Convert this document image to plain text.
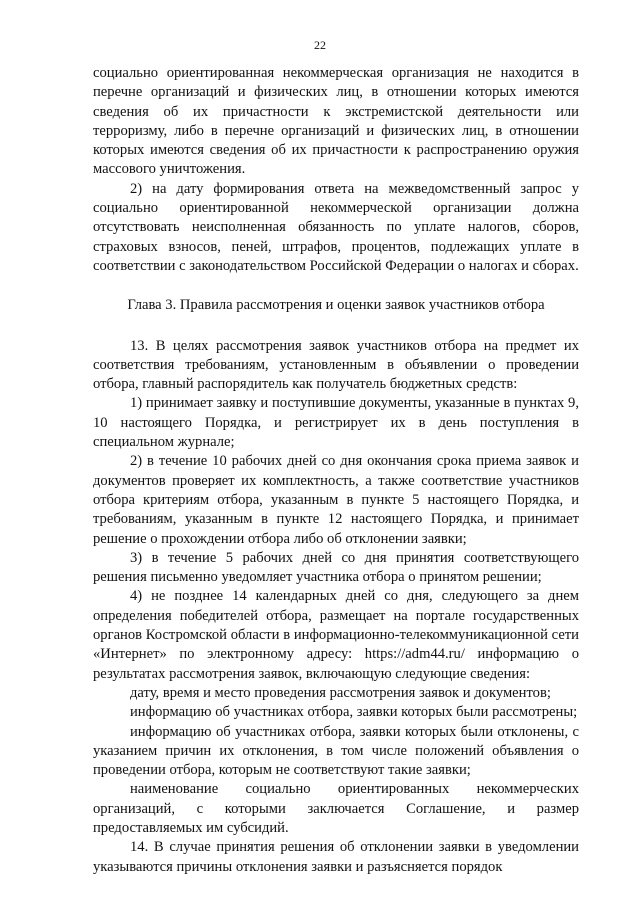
22

социально ориентированная некоммерческая организация не находится в перечне организаций и физических лиц, в отношении которых имеются сведения об их причастности к экстремистской деятельности или терроризму, либо в перечне организаций и физических лиц, в отношении которых имеются сведения об их причастности к распространению оружия массового уничтожения.

2) на дату формирования ответа на межведомственный запрос у социально ориентированной некоммерческой организации должна отсутствовать неисполненная обязанность по уплате налогов, сборов, страховых взносов, пеней, штрафов, процентов, подлежащих уплате в соответствии с законодательством Российской Федерации о налогах и сборах.

Глава 3. Правила рассмотрения и оценки заявок участников отбора

13. В целях рассмотрения заявок участников отбора на предмет их соответствия требованиям, установленным в объявлении о проведении отбора, главный распорядитель как получатель бюджетных средств:

1) принимает заявку и поступившие документы, указанные в пунктах 9, 10 настоящего Порядка, и регистрирует их в день поступления в специальном журнале;

2) в течение 10 рабочих дней со дня окончания срока приема заявок и документов проверяет их комплектность, а также соответствие участников отбора критериям отбора, указанным в пункте 5 настоящего Порядка, и требованиям, указанным в пункте 12 настоящего Порядка, и принимает решение о прохождении отбора либо об отклонении заявки;

3) в течение 5 рабочих дней со дня принятия соответствующего решения письменно уведомляет участника отбора о принятом решении;

4) не позднее 14 календарных дней со дня, следующего за днем определения победителей отбора, размещает на портале государственных органов Костромской области в информационно-телекоммуникационной сети «Интернет» по электронному адресу: https://adm44.ru/ информацию о результатах рассмотрения заявок, включающую следующие сведения:

дату, время и место проведения рассмотрения заявок и документов;

информацию об участниках отбора, заявки которых были рассмотрены;

информацию об участниках отбора, заявки которых были отклонены, с указанием причин их отклонения, в том числе положений объявления о проведении отбора, которым не соответствуют такие заявки;

наименование социально ориентированных некоммерческих организаций, с которыми заключается Соглашение, и размер предоставляемых им субсидий.

14. В случае принятия решения об отклонении заявки в уведомлении указываются причины отклонения заявки и разъясняется порядок
